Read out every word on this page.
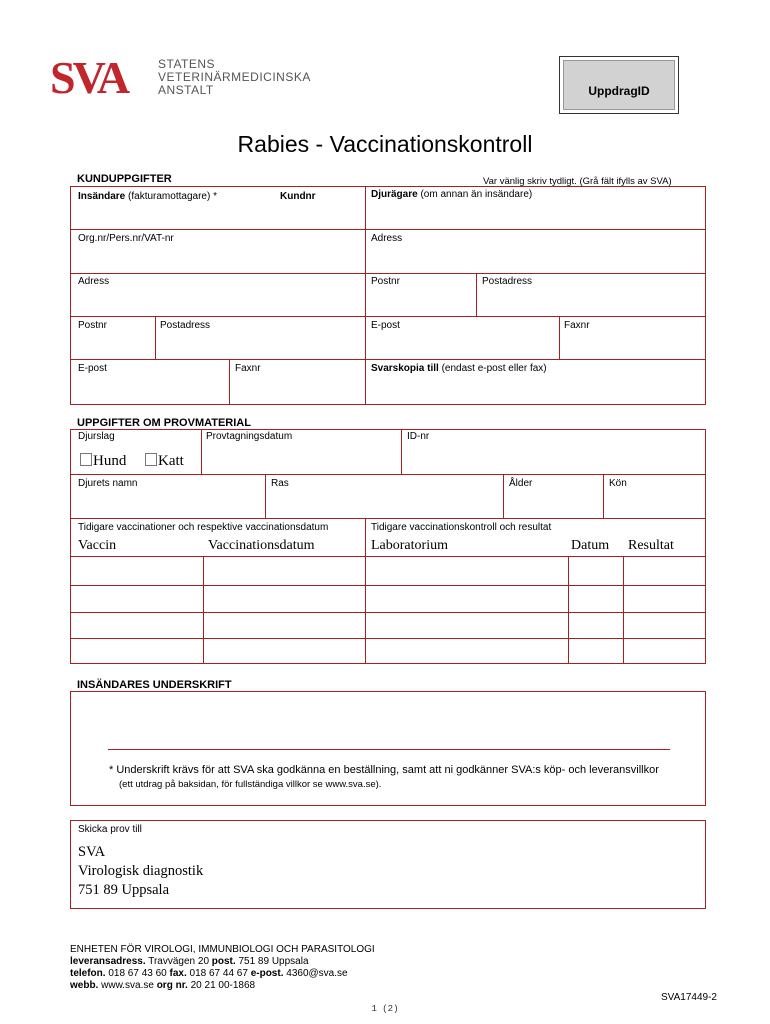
SVA	STATENS
VETERINÄRMEDICINSKA
ANSTALT	UppdragID
Rabies - Vaccinationskontroll
KUNDUPPGIFTER	Var vänlig skriv tydligt. (Grå fält ifylls av SVA)
Insändare (fakturamottagare) *	Kundnr	Djurägare (om annan än insändare)
Org.nr/Pers.nr/VAT-nr	Adress
Adress	Postnr	Postadress
Postnr	Postadress	E-post	Faxnr
E-post	Faxnr	Svarskopia till (endast e-post eller fax)
UPPGIFTER OM PROVMATERIAL
Djurslag	Provtagningsdatum	ID-nr
Hund	Katt
Djurets namn	Ras	Ålder	Kön
Tidigare vaccinationer och respektive vaccinationsdatum	Tidigare vaccinationskontroll och resultat
Vaccin	Vaccinationsdatum	Laboratorium	Datum Resultat
INSÄNDARES UNDERSKRIFT
* Underskrift krävs för att SVA ska godkänna en beställning, samt att ni godkänner SVA:s köp- och leveransvillkor
(ett utdrag på baksidan, för fullständiga villkor se www.sva.se).
Skicka prov till
SVA
Virologisk diagnostik
751 89 Uppsala
ENHETEN FÖR VIROLOGI, IMMUNBIOLOGI OCH PARASITOLOGI
leveransadress. Travvägen 20 post. 751 89 Uppsala
telefon. 018 67 43 60 fax. 018 67 44 67 e-post. 4360@sva.se
webb. www.sva.se org nr. 20 21 00-1868
SVA17449-2
1 (2)
